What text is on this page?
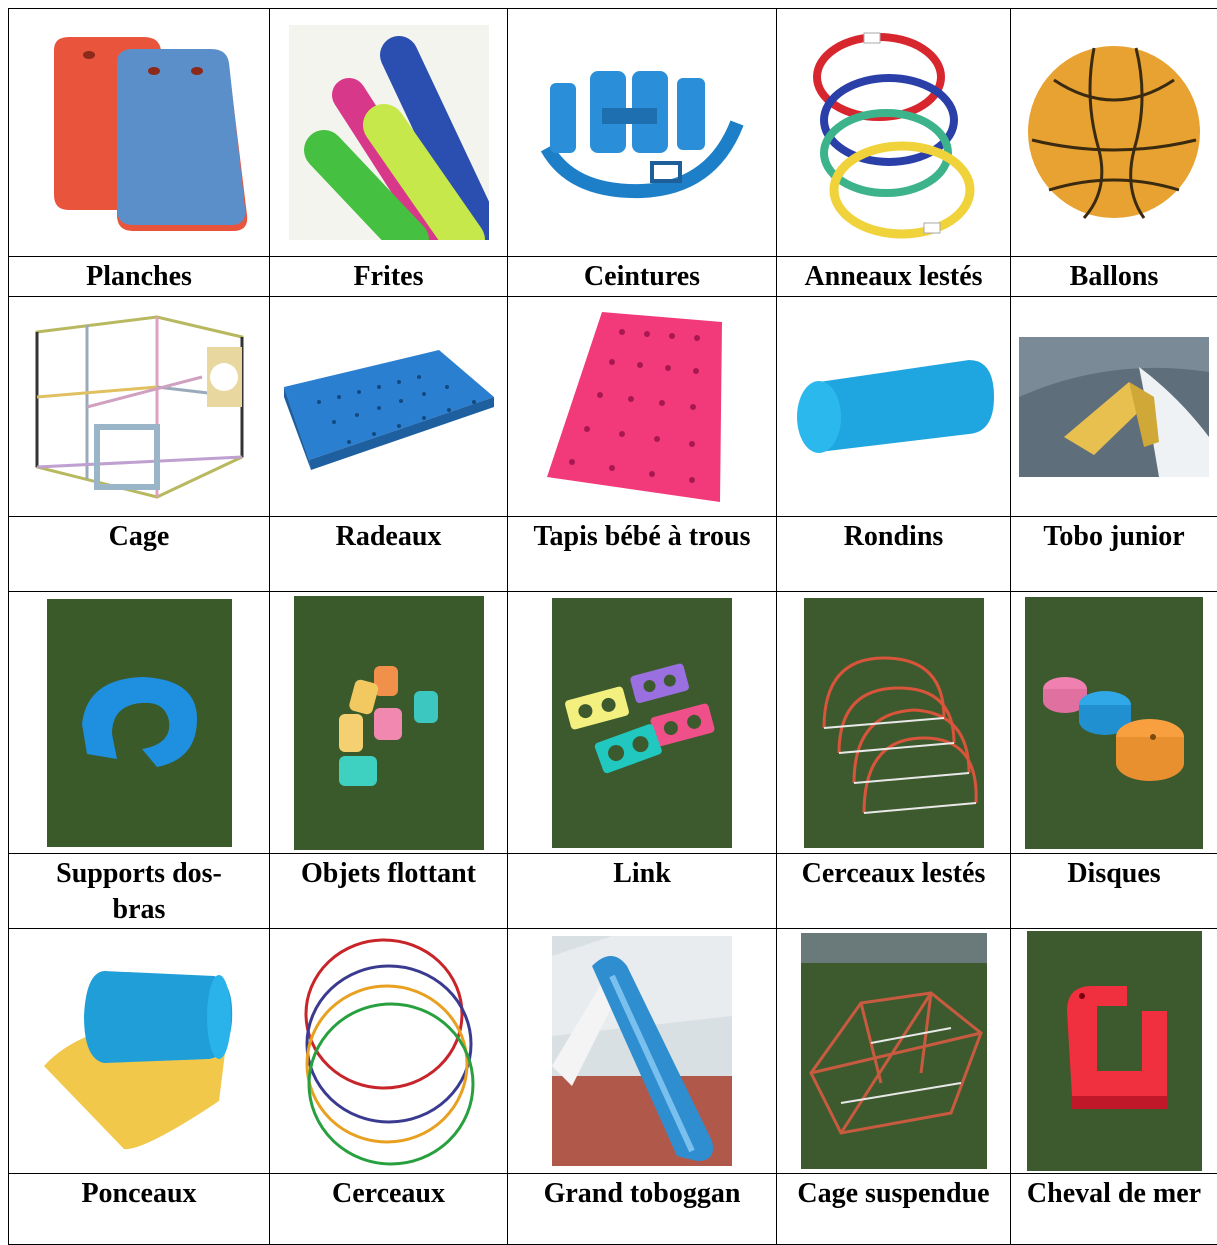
Planches	Frites	Ceintures	Anneaux lestés	Ballons

Cage	Radeaux	Tapis bébé à trous	Rondins	Tobo junior

Supports dos-
bras	Objets flottant	Link	Cerceaux lestés	Disques

Ponceaux	Cerceaux	Grand toboggan	Cage suspendue	Cheval de mer
